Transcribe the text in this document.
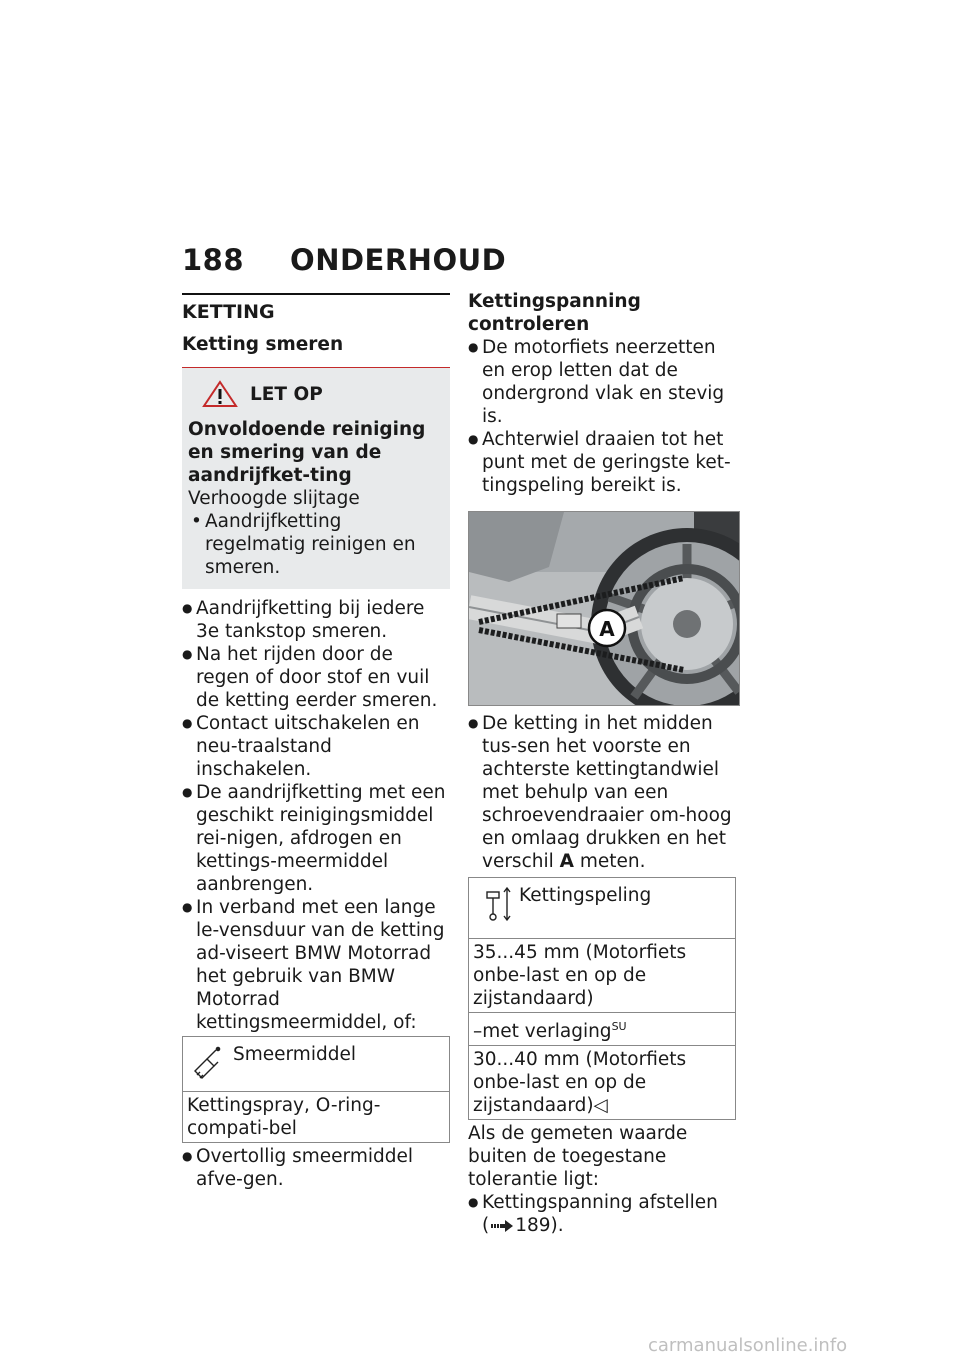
188 ONDERHOUD
KETTING
Ketting smeren
LET OP
Onvoldoende reiniging en smering van de aandrijfket-ting
Verhoogde slijtage
• Aandrijfketting regelmatig reinigen en smeren.
● Aandrijfketting bij iedere 3e tankstop smeren.
● Na het rijden door de regen of door stof en vuil de ketting eerder smeren.
● Contact uitschakelen en neu-traalstand inschakelen.
● De aandrijfketting met een geschikt reinigingsmiddel rei-nigen, afdrogen en kettings-meermiddel aanbrengen.
● In verband met een lange le-vensduur van de ketting ad-viseert BMW Motorrad het gebruik van BMW Motorrad kettingsmeermiddel, of:
Smeermiddel
Kettingspray, O-ring-compati-bel
● Overtollig smeermiddel afve-gen.
Kettingspanning controleren
● De motorfiets neerzetten en erop letten dat de ondergrond vlak en stevig is.
● Achterwiel draaien tot het punt met de geringste ket-tingspeling bereikt is.
A
● De ketting in het midden tus-sen het voorste en achterste kettingtandwiel met behulp van een schroevendraaier om-hoog en omlaag drukken en het verschil A meten.
Kettingspeling
35...45 mm (Motorfiets onbe-last en op de zijstandaard)
–met verlaging$^{SU}$
30...40 mm (Motorfiets onbe-last en op de zijstandaard)◁
Als de gemeten waarde buiten de toegestane tolerantie ligt:
● Kettingspanning afstellen
( 189).
carmanualsonline.info
